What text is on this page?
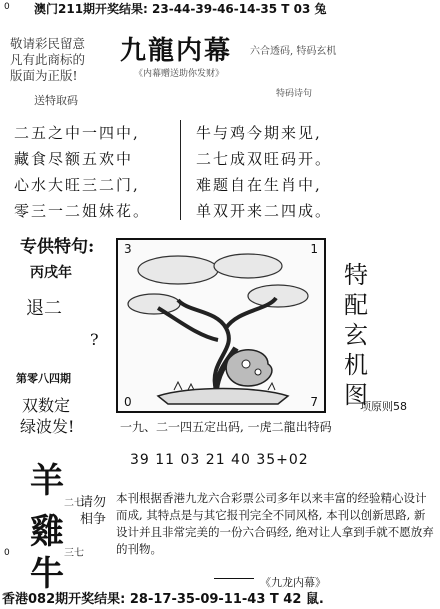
0	澳门211期开奖结果: 23-44-39-46-14-35 T 03 兔
敬请彩民留意
凡有此商标的
版面为正版!
送特取码
九龍内幕 六合透码, 特码玄机
《内幕赠送助你发财》
特码诗句
二五之中一四中,
藏食尽额五欢中
心水大旺三二门,
零三一二姐妹花。
牛与鸡今期来见,
二七成双旺码开。
难题自在生肖中,
单双开来二四成。
专供特句:
丙戌年
退二
?
第零八四期
双数定
绿波发!
3	1
0	7
特配玄机图
项原则58
一九、二一四五定出码, 一虎二龍出特码
39 11 03 21 40 35+02
羊
雞
牛
二七
请勿相争
三七
0
本刊根据香港九龙六合彩票公司多年以来丰富的经验精心设计而成, 其特点是与其它报刊完全不同风格, 本刊以创新思路, 新设计并且非常完美的一份六合码经, 绝对让人拿到手就不愿放弃的刊物。
《九龙内幕》
香港082期开奖结果: 28-17-35-09-11-43 T 42 鼠.
